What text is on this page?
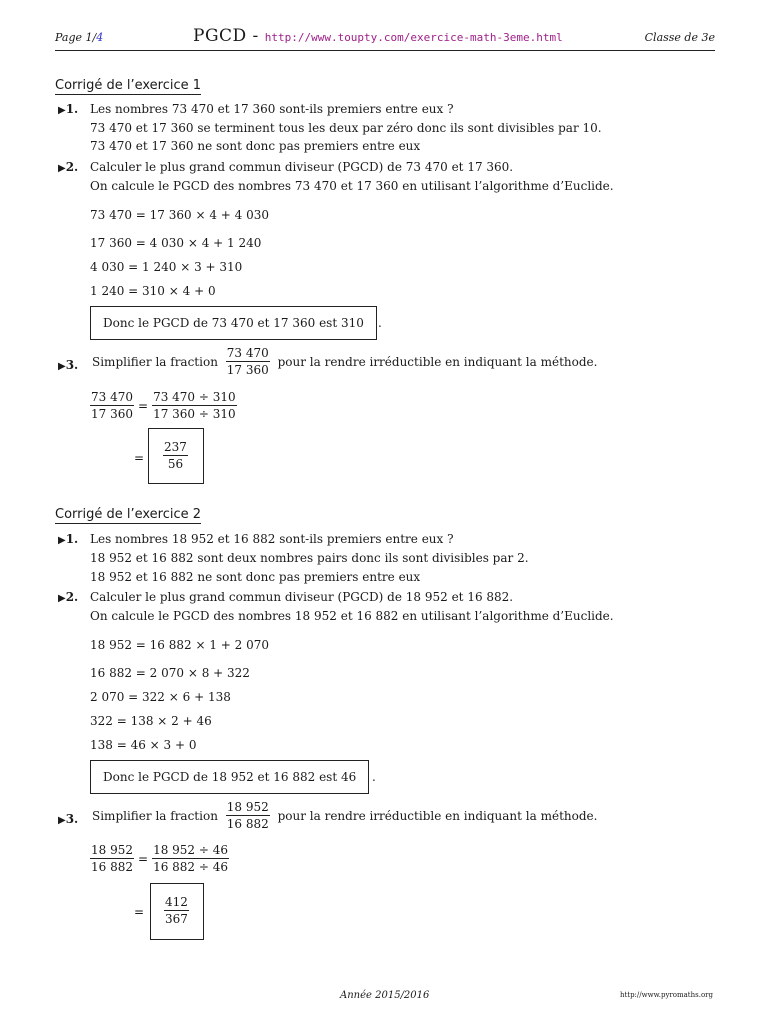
Page 1/4	PGCD - http://www.toupty.com/exercice-math-3eme.html	Classe de 3e
Corrigé de l’exercice 1
▶1. Les nombres 73 470 et 17 360 sont-ils premiers entre eux ?
73 470 et 17 360 se terminent tous les deux par zéro donc ils sont divisibles par 10.
73 470 et 17 360 ne sont donc pas premiers entre eux
▶2. Calculer le plus grand commun diviseur (PGCD) de 73 470 et 17 360.
On calcule le PGCD des nombres 73 470 et 17 360 en utilisant l’algorithme d’Euclide.
73 470 = 17 360 × 4 + 4 030
17 360 = 4 030 × 4 + 1 240
4 030 = 1 240 × 3 + 310
1 240 = 310 × 4 + 0
Donc le PGCD de 73 470 et 17 360 est 310	.
▶3. Simplifier la fraction $\frac{73 470}{17 360}$ pour la rendre irréductible en indiquant la méthode.
$\frac{73 470}{17 360} = \frac{73 470 \div 310}{17 360 \div 310}$
= $\frac{237}{56}$
Corrigé de l’exercice 2
▶1. Les nombres 18 952 et 16 882 sont-ils premiers entre eux ?
18 952 et 16 882 sont deux nombres pairs donc ils sont divisibles par 2.
18 952 et 16 882 ne sont donc pas premiers entre eux
▶2. Calculer le plus grand commun diviseur (PGCD) de 18 952 et 16 882.
On calcule le PGCD des nombres 18 952 et 16 882 en utilisant l’algorithme d’Euclide.
18 952 = 16 882 × 1 + 2 070
16 882 = 2 070 × 8 + 322
2 070 = 322 × 6 + 138
322 = 138 × 2 + 46
138 = 46 × 3 + 0
Donc le PGCD de 18 952 et 16 882 est 46	.
▶3. Simplifier la fraction $\frac{18 952}{16 882}$ pour la rendre irréductible en indiquant la méthode.
$\frac{18 952}{16 882} = \frac{18 952 \div 46}{16 882 \div 46}$
= $\frac{412}{367}$
Année 2015/2016	http://www.pyromaths.org
